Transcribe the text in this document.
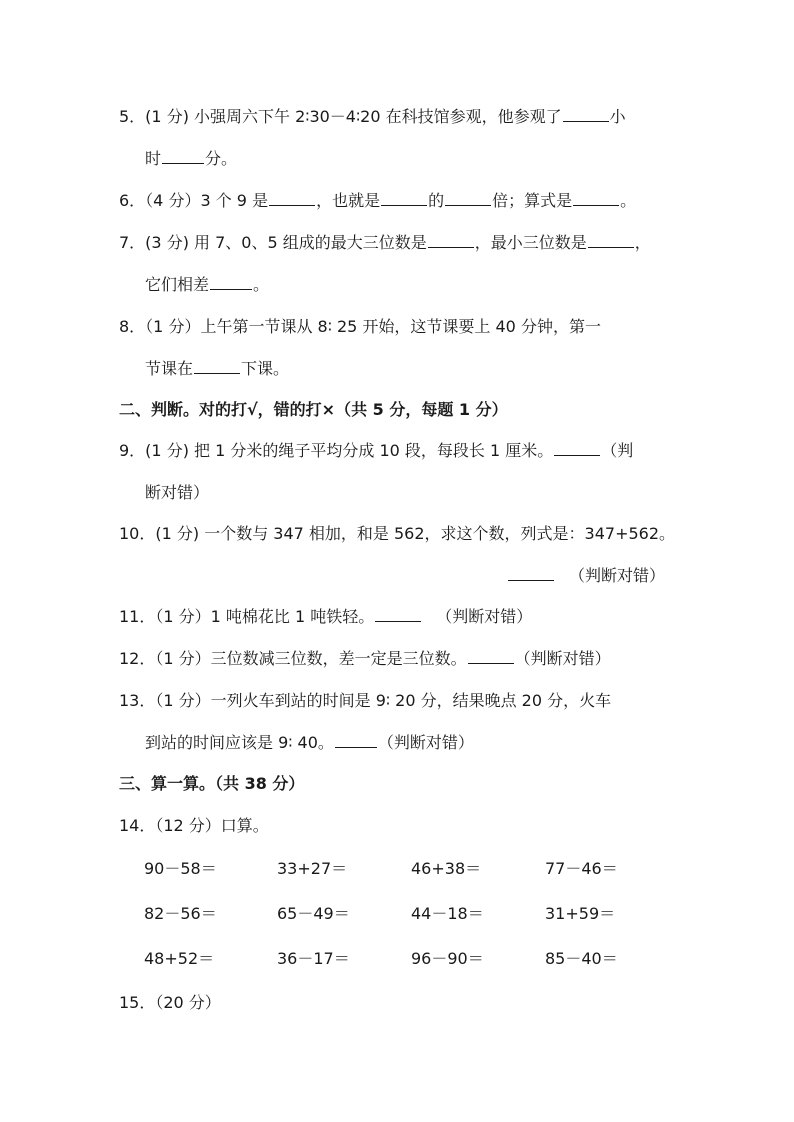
5．(1 分) 小强周六下午 2∶30－4∶20 在科技馆参观，他参观了	小
时	分。
6．（4 分）3 个 9 是	，也就是	的	倍；算式是	。
7．(3 分) 用 7、0、5 组成的最大三位数是	，最小三位数是	，
它们相差	。
8．（1 分）上午第一节课从 8∶ 25 开始，这节课要上 40 分钟，第一
节课在	下课。
二、判断。对的打√，错的打×（共 5 分，每题 1 分）
9．(1 分) 把 1 分米的绳子平均分成 10 段，每段长 1 厘米。	（判
断对错）
10．(1 分) 一个数与 347 相加，和是 562，求这个数，列式是：347+562。
（判断对错）
11．（1 分）1 吨棉花比 1 吨铁轻。	（判断对错）
12．（1 分）三位数减三位数，差一定是三位数。	（判断对错）
13．（1 分）一列火车到站的时间是 9∶ 20 分，结果晚点 20 分，火车
到站的时间应该是 9∶ 40。	（判断对错）
三、算一算。（共 38 分）
14．（12 分）口算。
90－58＝	33+27＝	46+38＝	77－46＝
82－56＝	65－49＝	44－18＝	31+59＝
48+52＝	36－17＝	96－90＝	85－40＝
15．（20 分）
